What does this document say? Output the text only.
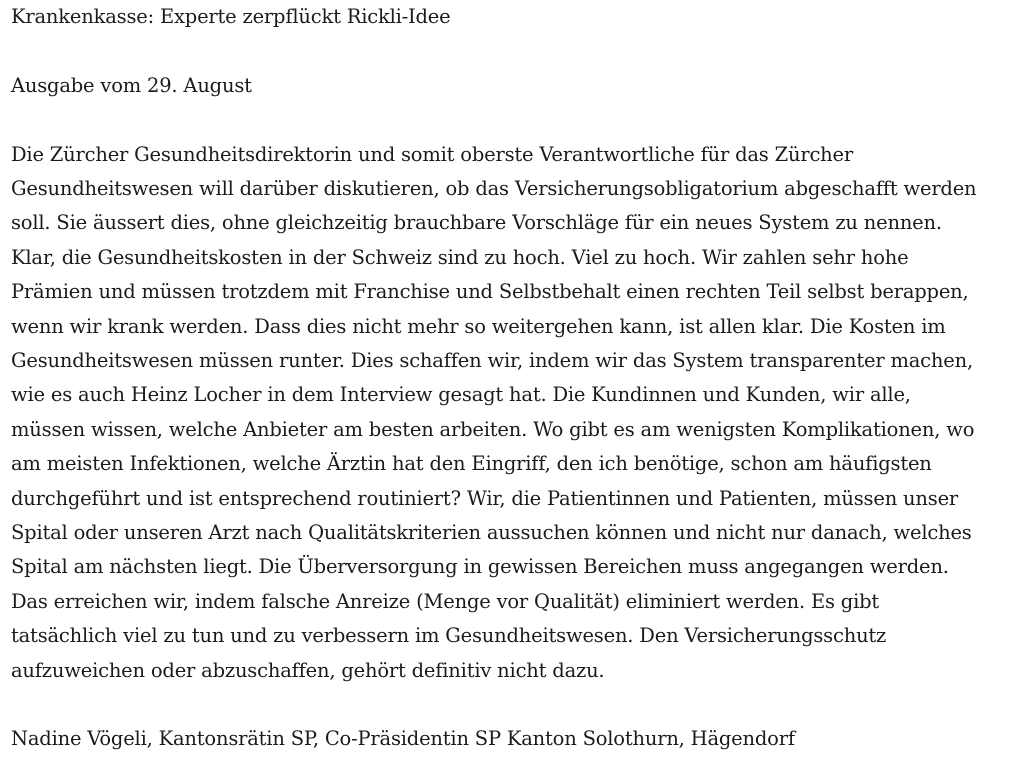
Krankenkasse: Experte zerpflückt Rickli-Idee
Ausgabe vom 29. August
Die Zürcher Gesundheitsdirektorin und somit oberste Verantwortliche für das Zürcher
Gesundheitswesen will darüber diskutieren, ob das Versicherungsobligatorium abgeschafft werden
soll. Sie äussert dies, ohne gleichzeitig brauchbare Vorschläge für ein neues System zu nennen.
Klar, die Gesundheitskosten in der Schweiz sind zu hoch. Viel zu hoch. Wir zahlen sehr hohe
Prämien und müssen trotzdem mit Franchise und Selbstbehalt einen rechten Teil selbst berappen,
wenn wir krank werden. Dass dies nicht mehr so weitergehen kann, ist allen klar. Die Kosten im
Gesundheitswesen müssen runter. Dies schaffen wir, indem wir das System transparenter machen,
wie es auch Heinz Locher in dem Interview gesagt hat. Die Kundinnen und Kunden, wir alle,
müssen wissen, welche Anbieter am besten arbeiten. Wo gibt es am wenigsten Komplikationen, wo
am meisten Infektionen, welche Ärztin hat den Eingriff, den ich benötige, schon am häufigsten
durchgeführt und ist entsprechend routiniert? Wir, die Patientinnen und Patienten, müssen unser
Spital oder unseren Arzt nach Qualitätskriterien aussuchen können und nicht nur danach, welches
Spital am nächsten liegt. Die Überversorgung in gewissen Bereichen muss angegangen werden.
Das erreichen wir, indem falsche Anreize (Menge vor Qualität) eliminiert werden. Es gibt
tatsächlich viel zu tun und zu verbessern im Gesundheitswesen. Den Versicherungsschutz
aufzuweichen oder abzuschaffen, gehört definitiv nicht dazu.
Nadine Vögeli, Kantonsrätin SP, Co-Präsidentin SP Kanton Solothurn, Hägendorf
